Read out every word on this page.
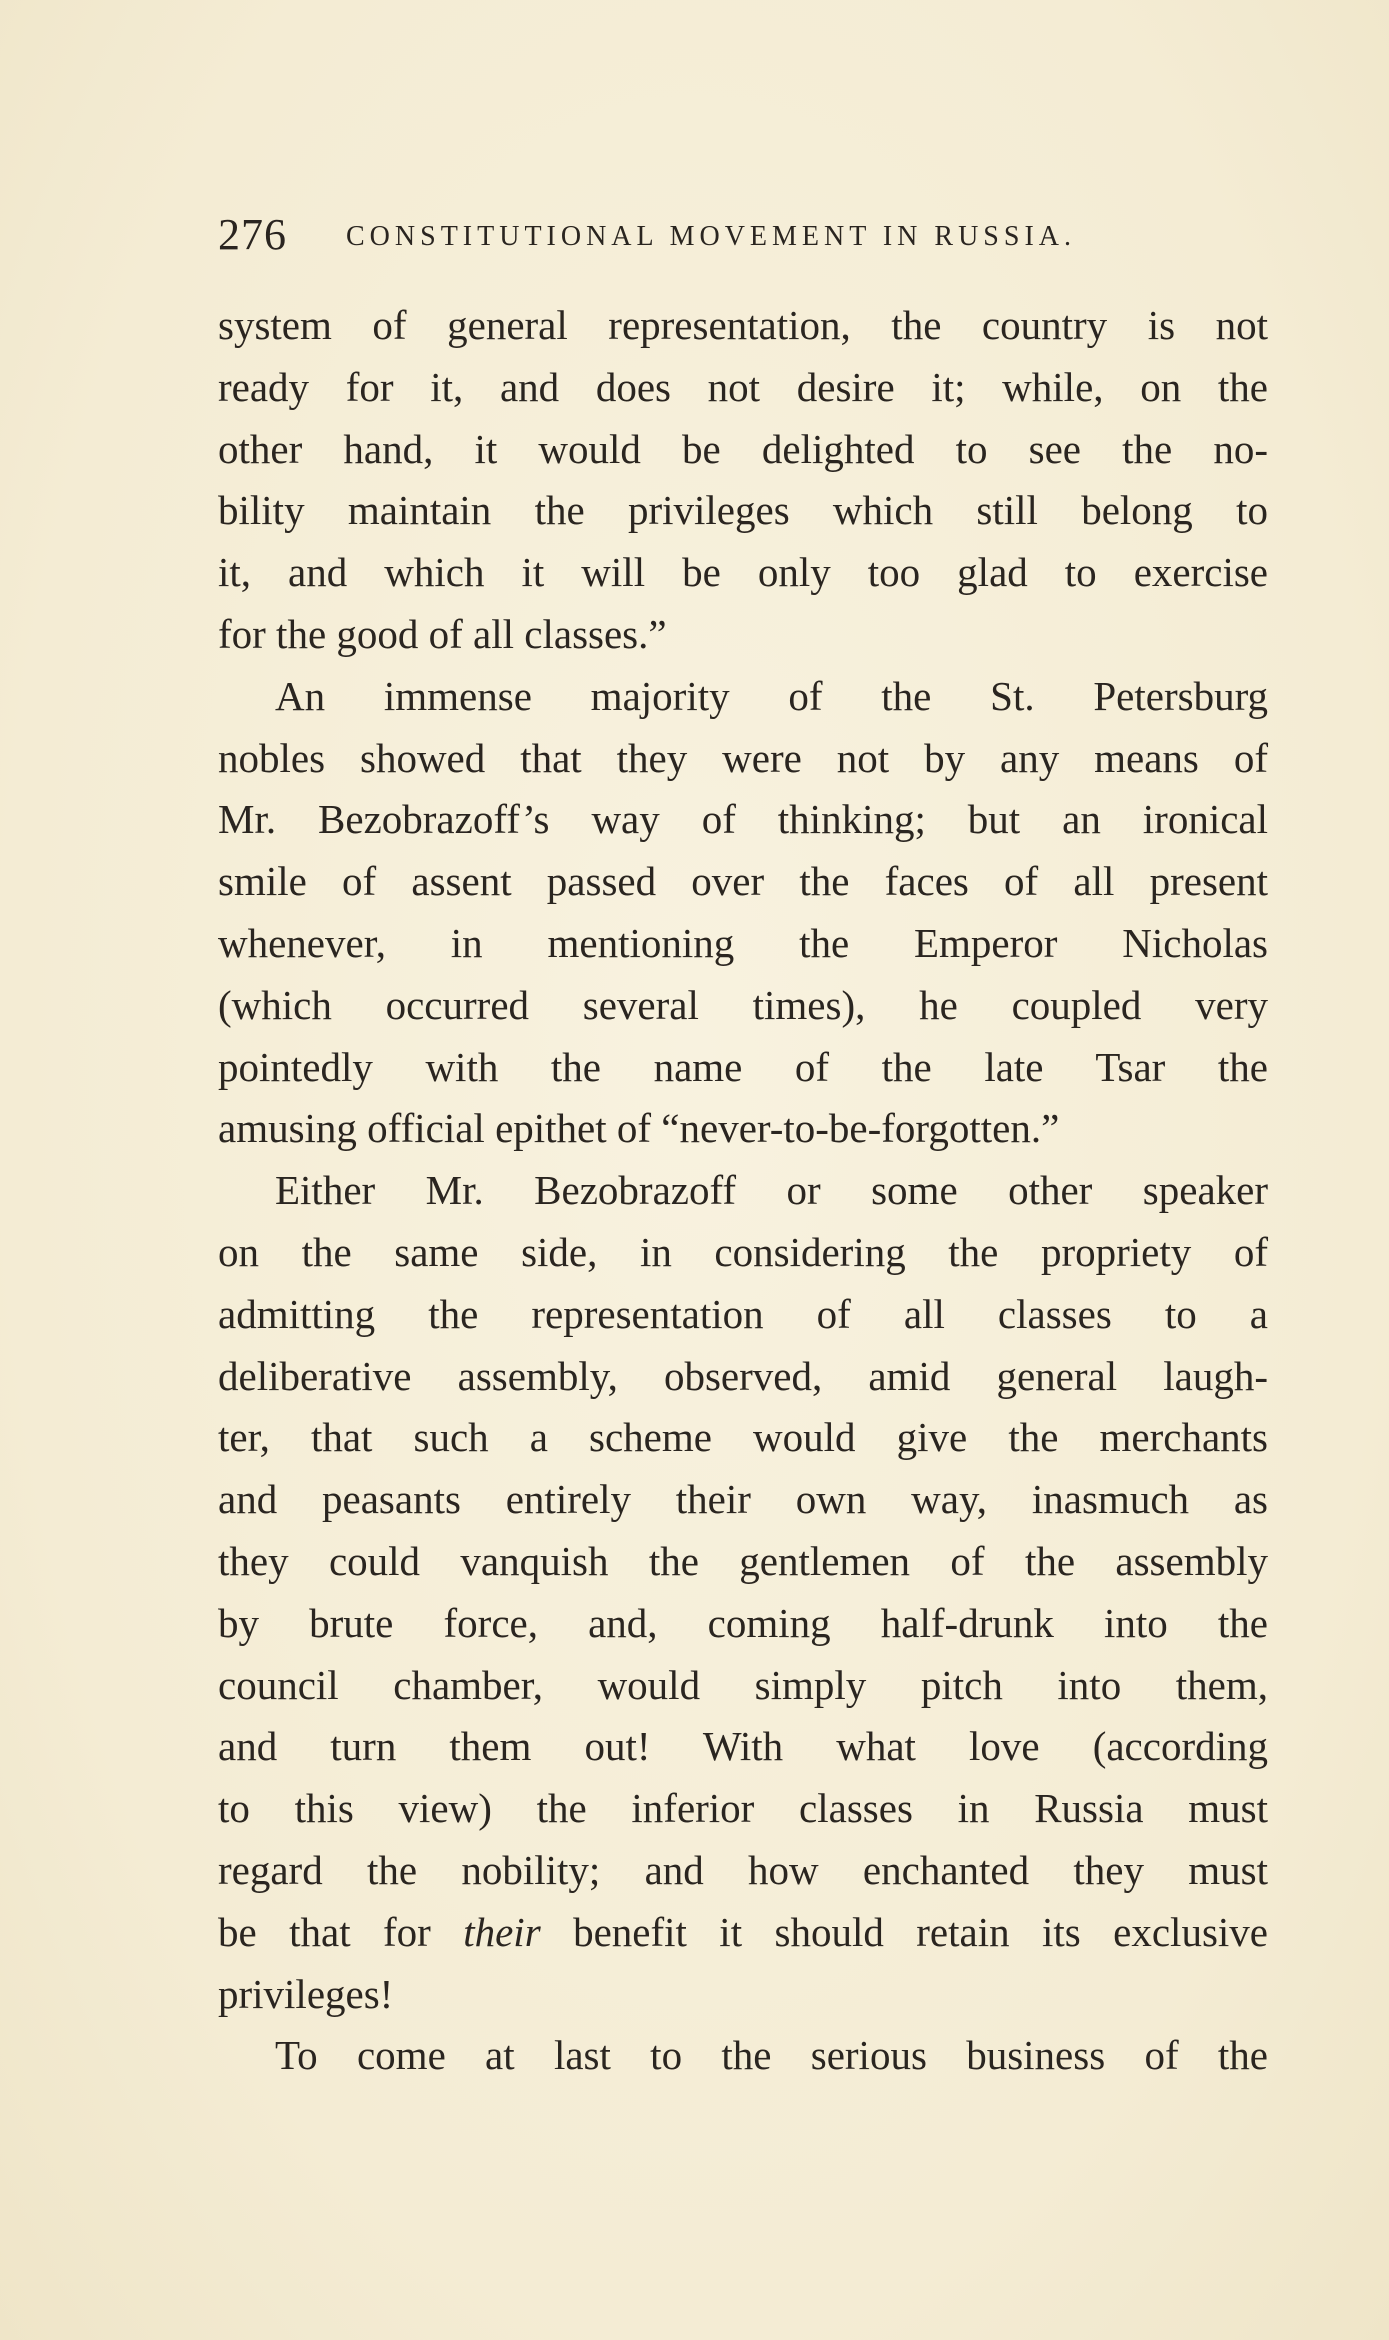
276 CONSTITUTIONAL MOVEMENT IN RUSSIA.
system of general representation, the country is not
ready for it, and does not desire it; while, on the
other hand, it would be delighted to see the no-
bility maintain the privileges which still belong to
it, and which it will be only too glad to exercise
for the good of all classes.”
An immense majority of the St. Petersburg
nobles showed that they were not by any means of
Mr. Bezobrazoff’s way of thinking; but an ironical
smile of assent passed over the faces of all present
whenever, in mentioning the Emperor Nicholas
(which occurred several times), he coupled very
pointedly with the name of the late Tsar the
amusing official epithet of “never-to-be-forgotten.”
Either Mr. Bezobrazoff or some other speaker
on the same side, in considering the propriety of
admitting the representation of all classes to a
deliberative assembly, observed, amid general laugh-
ter, that such a scheme would give the merchants
and peasants entirely their own way, inasmuch as
they could vanquish the gentlemen of the assembly
by brute force, and, coming half-drunk into the
council chamber, would simply pitch into them,
and turn them out! With what love (according
to this view) the inferior classes in Russia must
regard the nobility; and how enchanted they must
be that for their benefit it should retain its exclusive
privileges!
To come at last to the serious business of the
